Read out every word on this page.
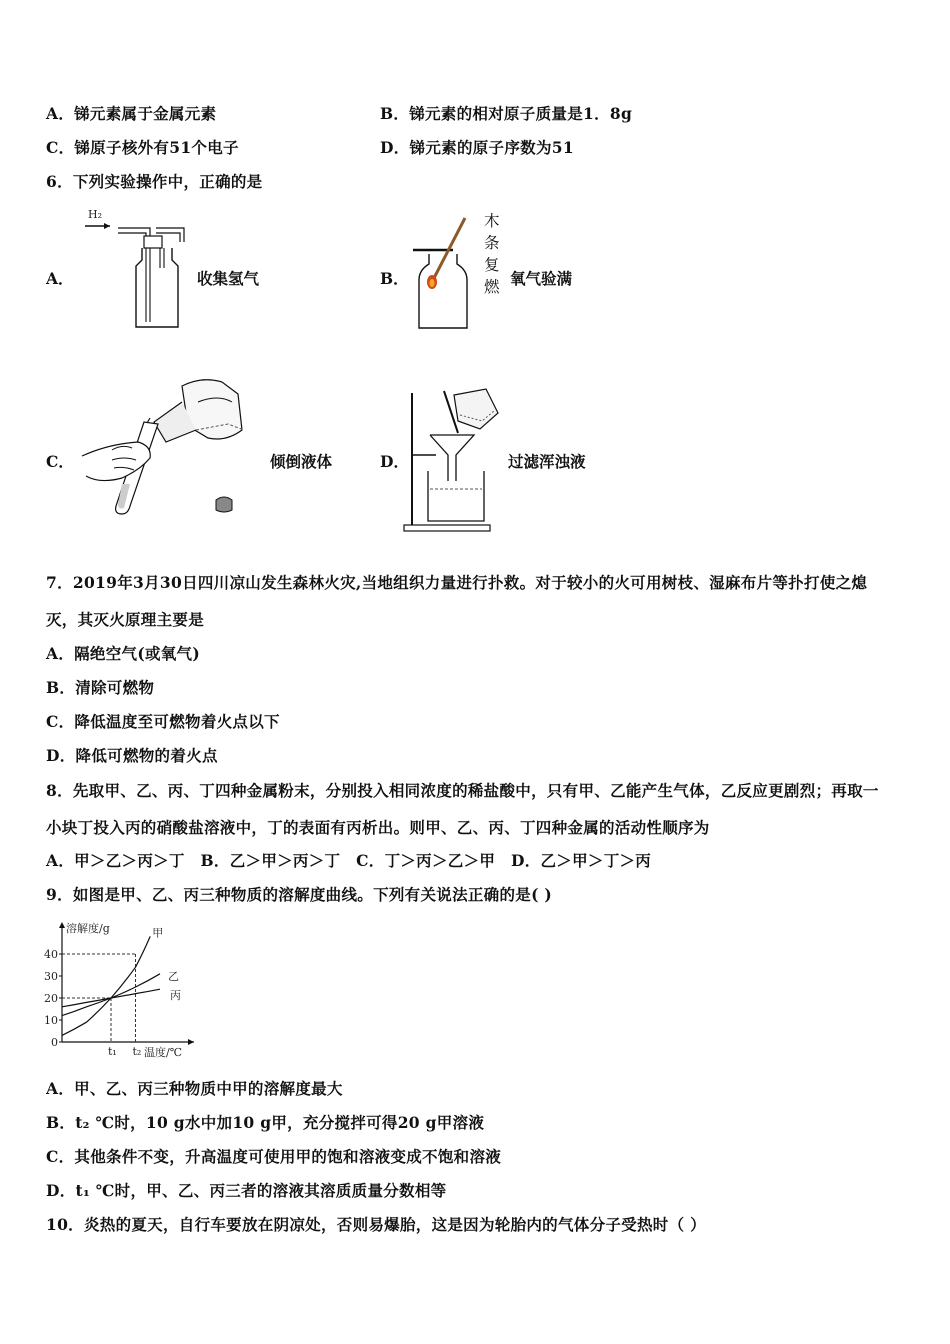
A．锑元素属于金属元素	B．锑元素的相对原子质量是1．8g
C．锑原子核外有51个电子	D．锑元素的原子序数为51
6．下列实验操作中，正确的是
A．
H₂
收集氢气	B．
木
条
复
燃 氧气验满
C．	倾倒液体	D．	过滤浑浊液
7．2019年3月30日四川凉山发生森林火灾,当地组织力量进行扑救。对于较小的火可用树枝、湿麻布片等扑打使之熄
灭，其灭火原理主要是
A．隔绝空气(或氧气)
B．清除可燃物
C．降低温度至可燃物着火点以下
D．降低可燃物的着火点
8．先取甲、乙、丙、丁四种金属粉末，分别投入相同浓度的稀盐酸中，只有甲、乙能产生气体，乙反应更剧烈；再取一
小块丁投入丙的硝酸盐溶液中，丁的表面有丙析出。则甲、乙、丙、丁四种金属的活动性顺序为
A．甲＞乙＞丙＞丁　B．乙＞甲＞丙＞丁　C．丁＞丙＞乙＞甲　D．乙＞甲＞丁＞丙
9．如图是甲、乙、丙三种物质的溶解度曲线。下列有关说法正确的是( )
溶解度/g
温度/℃
0
10
20
30
40
t₁ t₂
甲
乙
丙
A．甲、乙、丙三种物质中甲的溶解度最大
B．t₂ ℃时，10 g水中加10 g甲，充分搅拌可得20 g甲溶液
C．其他条件不变，升高温度可使用甲的饱和溶液变成不饱和溶液
D．t₁ ℃时，甲、乙、丙三者的溶液其溶质质量分数相等
10．炎热的夏天，自行车要放在阴凉处，否则易爆胎，这是因为轮胎内的气体分子受热时（ ）
